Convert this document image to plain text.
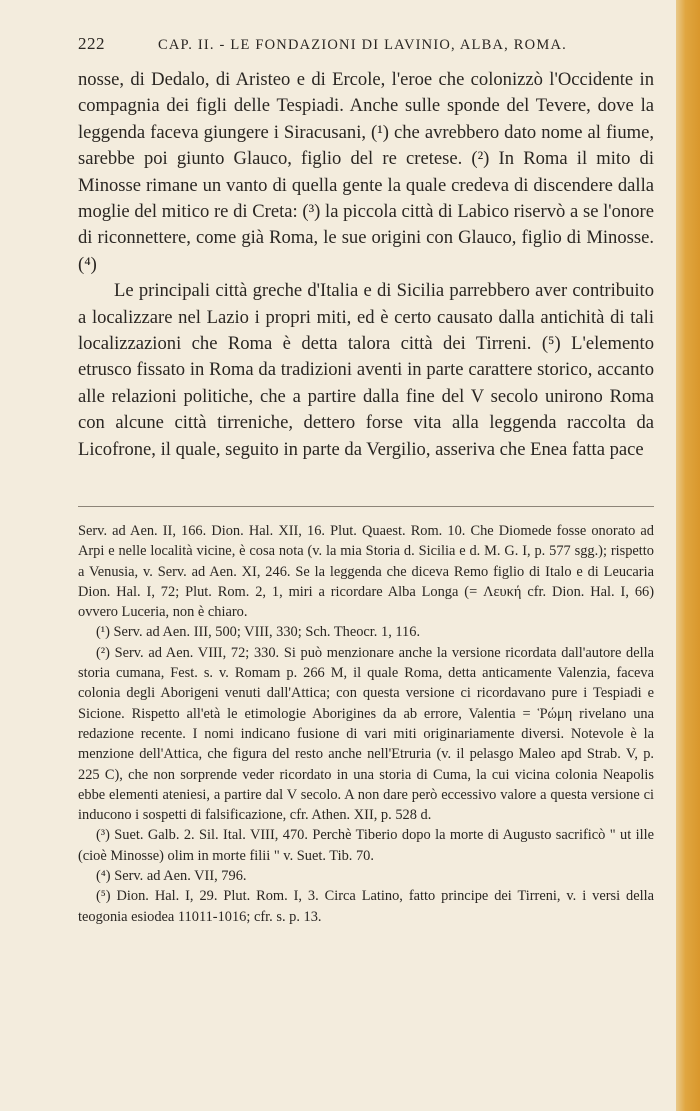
222	CAP. II. - LE FONDAZIONI DI LAVINIO, ALBA, ROMA.

nosse, di Dedalo, di Aristeo e di Ercole, l'eroe che colonizzò l'Occidente in compagnia dei figli delle Tespiadi. Anche sulle sponde del Tevere, dove la leggenda faceva giungere i Siracusani, (¹) che avrebbero dato nome al fiume, sarebbe poi giunto Glauco, figlio del re cretese. (²) In Roma il mito di Minosse rimane un vanto di quella gente la quale credeva di discendere dalla moglie del mitico re di Creta: (³) la piccola città di Labico riservò a se l'onore di riconnettere, come già Roma, le sue origini con Glauco, figlio di Minosse. (⁴)

Le principali città greche d'Italia e di Sicilia parrebbero aver contribuito a localizzare nel Lazio i propri miti, ed è certo causato dalla antichità di tali localizzazioni che Roma è detta talora città dei Tirreni. (⁵) L'elemento etrusco fissato in Roma da tradizioni aventi in parte carattere storico, accanto alle relazioni politiche, che a partire dalla fine del V secolo unirono Roma con alcune città tirreniche, dettero forse vita alla leggenda raccolta da Licofrone, il quale, seguito in parte da Vergilio, asseriva che Enea fatta pace

Serv. ad Aen. II, 166. Dion. Hal. XII, 16. Plut. Quaest. Rom. 10. Che Diomede fosse onorato ad Arpi e nelle località vicine, è cosa nota (v. la mia Storia d. Sicilia e d. M. G. I, p. 577 sgg.); rispetto a Venusia, v. Serv. ad Aen. XI, 246. Se la leggenda che diceva Remo figlio di Italo e di Leucaria Dion. Hal. I, 72; Plut. Rom. 2, 1, miri a ricordare Alba Longa (= Λευκή cfr. Dion. Hal. I, 66) ovvero Luceria, non è chiaro.

(¹) Serv. ad Aen. III, 500; VIII, 330; Sch. Theocr. 1, 116.

(²) Serv. ad Aen. VIII, 72; 330. Si può menzionare anche la versione ricordata dall'autore della storia cumana, Fest. s. v. Romam p. 266 M, il quale Roma, detta anticamente Valenzia, faceva colonia degli Aborigeni venuti dall'Attica; con questa versione ci ricordavano pure i Tespiadi e Sicione. Rispetto all'età le etimologie Aborigines da ab errore, Valentia = Ῥώμη rivelano una redazione recente. I nomi indicano fusione di vari miti originariamente diversi. Notevole è la menzione dell'Attica, che figura del resto anche nell'Etruria (v. il pelasgo Maleo apd Strab. V, p. 225 C), che non sorprende veder ricordato in una storia di Cuma, la cui vicina colonia Neapolis ebbe elementi ateniesi, a partire dal V secolo. A non dare però eccessivo valore a questa versione ci inducono i sospetti di falsificazione, cfr. Athen. XII, p. 528 d.

(³) Suet. Galb. 2. Sil. Ital. VIII, 470. Perchè Tiberio dopo la morte di Augusto sacrificò " ut ille (cioè Minosse) olim in morte filii " v. Suet. Tib. 70.

(⁴) Serv. ad Aen. VII, 796.

(⁵) Dion. Hal. I, 29. Plut. Rom. I, 3. Circa Latino, fatto principe dei Tirreni, v. i versi della teogonia esiodea 11011-1016; cfr. s. p. 13.
